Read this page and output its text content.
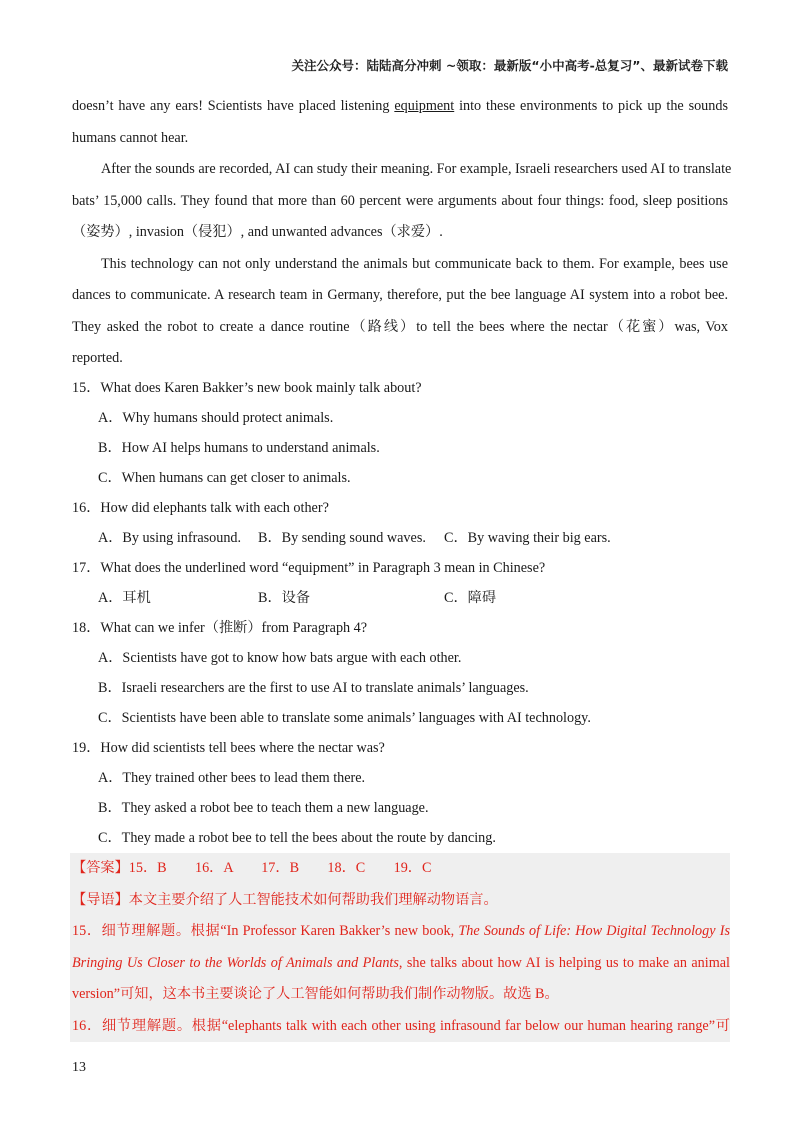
关注公众号：陆陆高分冲刺 ~领取：最新版“小中高考-总复习”、最新试卷下载
doesn’t have any ears! Scientists have placed listening equipment into these environments to pick up the sounds
humans cannot hear.
After the sounds are recorded, AI can study their meaning. For example, Israeli researchers used AI to translate
bats’ 15,000 calls. They found that more than 60 percent were arguments about four things: food, sleep positions
（姿势）, invasion（侵犯）, and unwanted advances（求爱）.
This technology can not only understand the animals but communicate back to them. For example, bees use
dances to communicate. A research team in Germany, therefore, put the bee language AI system into a robot bee.
They asked the robot to create a dance routine（路线）to tell the bees where the nectar（花蜜）was, Vox
reported.
15．What does Karen Bakker’s new book mainly talk about?
A．Why humans should protect animals.
B．How AI helps humans to understand animals.
C．When humans can get closer to animals.
16．How did elephants talk with each other?
A．By using infrasound. B．By sending sound waves. C．By waving their big ears.
17．What does the underlined word “equipment” in Paragraph 3 mean in Chinese?
A．耳机	B．设备	C．障碍
18．What can we infer（推断）from Paragraph 4?
A．Scientists have got to know how bats argue with each other.
B．Israeli researchers are the first to use AI to translate animals’ languages.
C．Scientists have been able to translate some animals’ languages with AI technology.
19．How did scientists tell bees where the nectar was?
A．They trained other bees to lead them there.
B．They asked a robot bee to teach them a new language.
C．They made a robot bee to tell the bees about the route by dancing.
【答案】15．B　　16．A　　17．B　　18．C　　19．C
【导语】本文主要介绍了人工智能技术如何帮助我们理解动物语言。
15．细节理解题。根据“In Professor Karen Bakker’s new book, The Sounds of Life: How Digital Technology Is
Bringing Us Closer to the Worlds of Animals and Plants, she talks about how AI is helping us to make an animal
version”可知，这本书主要谈论了人工智能如何帮助我们制作动物版。故选 B。
16．细节理解题。根据“elephants talk with each other using infrasound far below our human hearing range”可
13
